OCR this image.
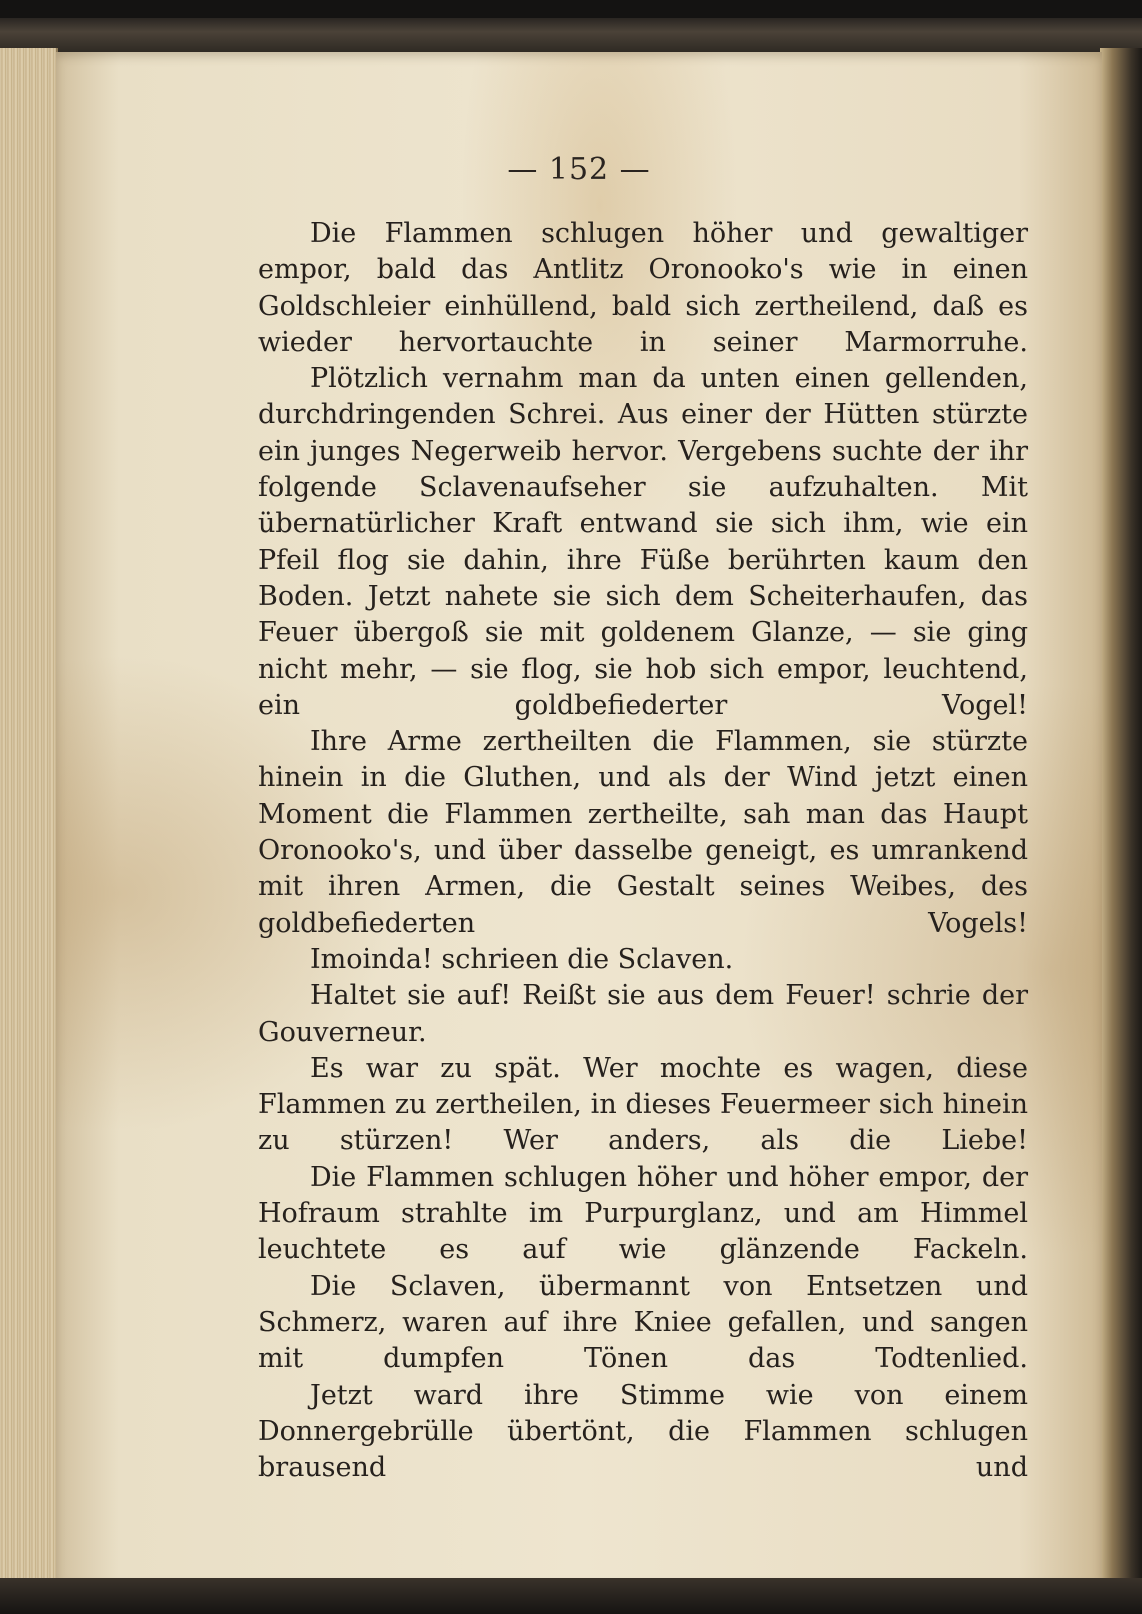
— 152 —

Die Flammen schlugen höher und gewaltiger empor, bald das Antlitz Oronooko's wie in einen Goldschleier einhüllend, bald sich zertheilend, daß es wieder hervortauchte in seiner Marmorruhe.

Plötzlich vernahm man da unten einen gellenden, durchdringenden Schrei. Aus einer der Hütten stürzte ein junges Negerweib hervor. Vergebens suchte der ihr folgende Sclavenaufseher sie aufzuhalten. Mit übernatürlicher Kraft entwand sie sich ihm, wie ein Pfeil flog sie dahin, ihre Füße berührten kaum den Boden. Jetzt nahete sie sich dem Scheiterhaufen, das Feuer übergoß sie mit goldenem Glanze, — sie ging nicht mehr, — sie flog, sie hob sich empor, leuchtend, ein goldbefiederter Vogel!

Ihre Arme zertheilten die Flammen, sie stürzte hinein in die Gluthen, und als der Wind jetzt einen Moment die Flammen zertheilte, sah man das Haupt Oronooko's, und über dasselbe geneigt, es umrankend mit ihren Armen, die Gestalt seines Weibes, des goldbefiederten Vogels!

Imoinda! schrieen die Sclaven.

Haltet sie auf! Reißt sie aus dem Feuer! schrie der Gouverneur.

Es war zu spät. Wer mochte es wagen, diese Flammen zu zertheilen, in dieses Feuermeer sich hinein zu stürzen! Wer anders, als die Liebe!

Die Flammen schlugen höher und höher empor, der Hofraum strahlte im Purpurglanz, und am Himmel leuchtete es auf wie glänzende Fackeln.

Die Sclaven, übermannt von Entsetzen und Schmerz, waren auf ihre Kniee gefallen, und sangen mit dumpfen Tönen das Todtenlied.

Jetzt ward ihre Stimme wie von einem Donnergebrülle übertönt, die Flammen schlugen brausend und
